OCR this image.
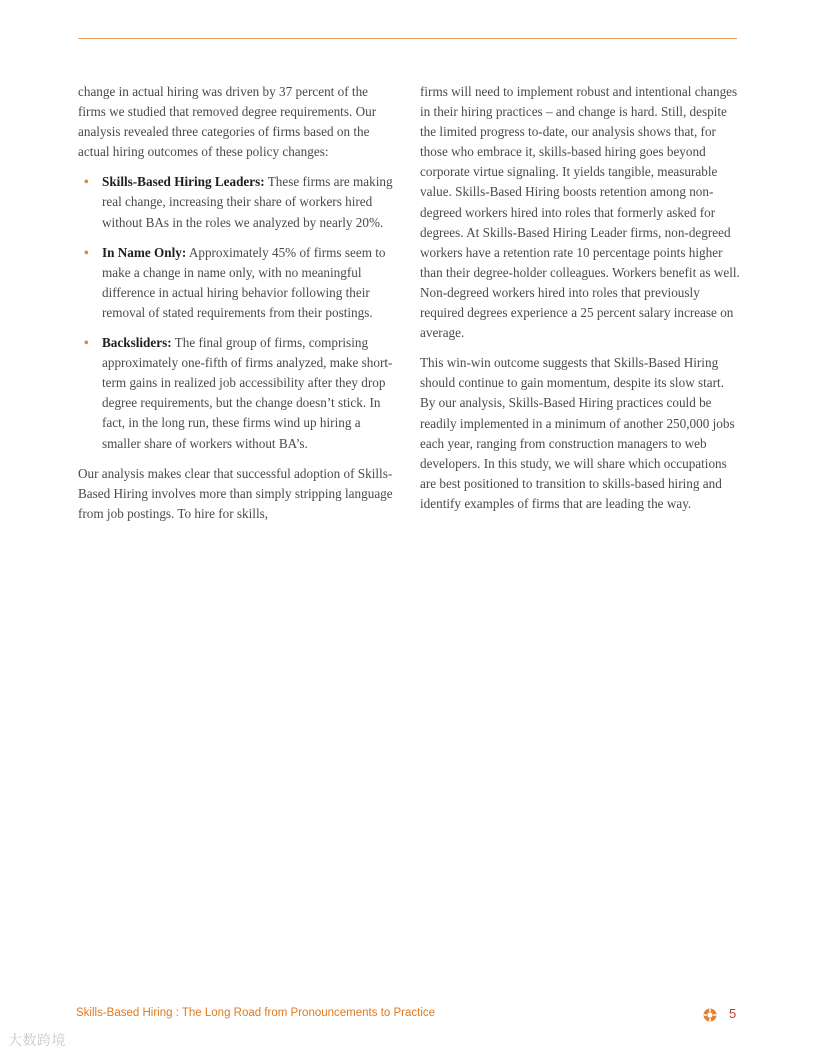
change in actual hiring was driven by 37 percent of the firms we studied that removed degree requirements. Our analysis revealed three categories of firms based on the actual hiring outcomes of these policy changes:

• Skills-Based Hiring Leaders: These firms are making real change, increasing their share of workers hired without BAs in the roles we analyzed by nearly 20%.
• In Name Only: Approximately 45% of firms seem to make a change in name only, with no meaningful difference in actual hiring behavior following their removal of stated requirements from their postings.
• Backsliders: The final group of firms, comprising approximately one-fifth of firms analyzed, make short-term gains in realized job accessibility after they drop degree requirements, but the change doesn’t stick. In fact, in the long run, these firms wind up hiring a smaller share of workers without BA’s.

Our analysis makes clear that successful adoption of Skills-Based Hiring involves more than simply stripping language from job postings. To hire for skills,

firms will need to implement robust and intentional changes in their hiring practices – and change is hard. Still, despite the limited progress to-date, our analysis shows that, for those who embrace it, skills-based hiring goes beyond corporate virtue signaling. It yields tangible, measurable value. Skills-Based Hiring boosts retention among non-degreed workers hired into roles that formerly asked for degrees. At Skills-Based Hiring Leader firms, non-degreed workers have a retention rate 10 percentage points higher than their degree-holder colleagues. Workers benefit as well. Non-degreed workers hired into roles that previously required degrees experience a 25 percent salary increase on average.

This win-win outcome suggests that Skills-Based Hiring should continue to gain momentum, despite its slow start. By our analysis, Skills-Based Hiring practices could be readily implemented in a minimum of another 250,000 jobs each year, ranging from construction managers to web developers. In this study, we will share which occupations are best positioned to transition to skills-based hiring and identify examples of firms that are leading the way.

Skills-Based Hiring : The Long Road from Pronouncements to Practice	5
大数跨境
